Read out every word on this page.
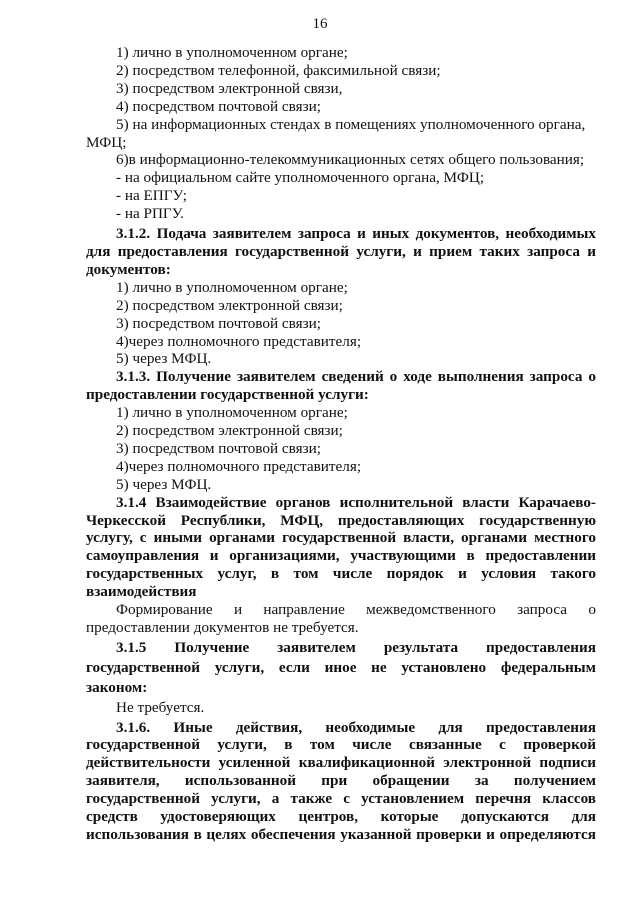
16
1) лично в уполномоченном органе;
2) посредством телефонной, факсимильной связи;
3) посредством электронной связи,
4) посредством почтовой связи;
5) на информационных стендах в помещениях уполномоченного органа,
МФЦ;
6)в информационно-телекоммуникационных сетях общего пользования;
- на официальном сайте уполномоченного органа, МФЦ;
- на ЕПГУ;
- на РПГУ.
3.1.2. Подача заявителем запроса и иных документов, необходимых
для предоставления государственной услуги, и прием таких запроса и
документов:
1) лично в уполномоченном органе;
2) посредством электронной связи;
3) посредством почтовой связи;
4)через полномочного представителя;
5) через МФЦ.
3.1.3. Получение заявителем сведений о ходе выполнения запроса о
предоставлении государственной услуги:
1) лично в уполномоченном органе;
2) посредством электронной связи;
3) посредством почтовой связи;
4)через полномочного представителя;
5) через МФЦ.
3.1.4 Взаимодействие органов исполнительной власти Карачаево-
Черкесской Республики, МФЦ, предоставляющих государственную
услугу, с иными органами государственной власти, органами местного
самоуправления и организациями, участвующими в предоставлении
государственных услуг, в том числе порядок и условия такого
взаимодействия
Формирование и направление межведомственного запроса о
предоставлении документов не требуется.
3.1.5 Получение заявителем результата предоставления
государственной услуги, если иное не установлено федеральным
законом:
Не требуется.
3.1.6. Иные действия, необходимые для предоставления
государственной услуги, в том числе связанные с проверкой
действительности усиленной квалификационной электронной подписи
заявителя, использованной при обращении за получением
государственной услуги, а также с установлением перечня классов
средств удостоверяющих центров, которые допускаются для
использования в целях обеспечения указанной проверки и определяются
